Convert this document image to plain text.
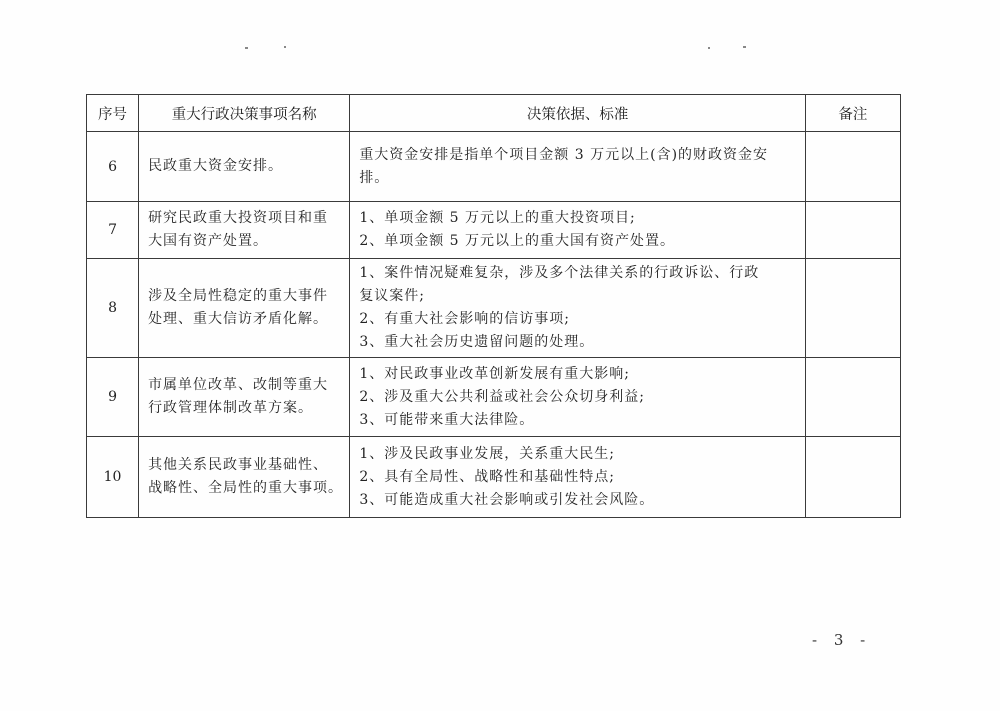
序号	重大行政决策事项名称	决策依据、标准	备注
6	民政重大资金安排。	重大资金安排是指单个项目金额 3 万元以上(含)的财政资金安
排。	

7	研究民政重大投资项目和重
大国有资产处置。	1、单项金额 5 万元以上的重大投资项目;
2、单项金额 5 万元以上的重大国有资产处置。	

8	涉及全局性稳定的重大事件
处理、重大信访矛盾化解。	1、案件情况疑难复杂，涉及多个法律关系的行政诉讼、行政
复议案件;
2、有重大社会影响的信访事项;
3、重大社会历史遗留问题的处理。	

9	市属单位改革、改制等重大
行政管理体制改革方案。	1、对民政事业改革创新发展有重大影响;
2、涉及重大公共利益或社会公众切身利益;
3、可能带来重大法律险。	

10	其他关系民政事业基础性、
战略性、全局性的重大事项。	1、涉及民政事业发展，关系重大民生;
2、具有全局性、战略性和基础性特点;
3、可能造成重大社会影响或引发社会风险。	

- 3 -
